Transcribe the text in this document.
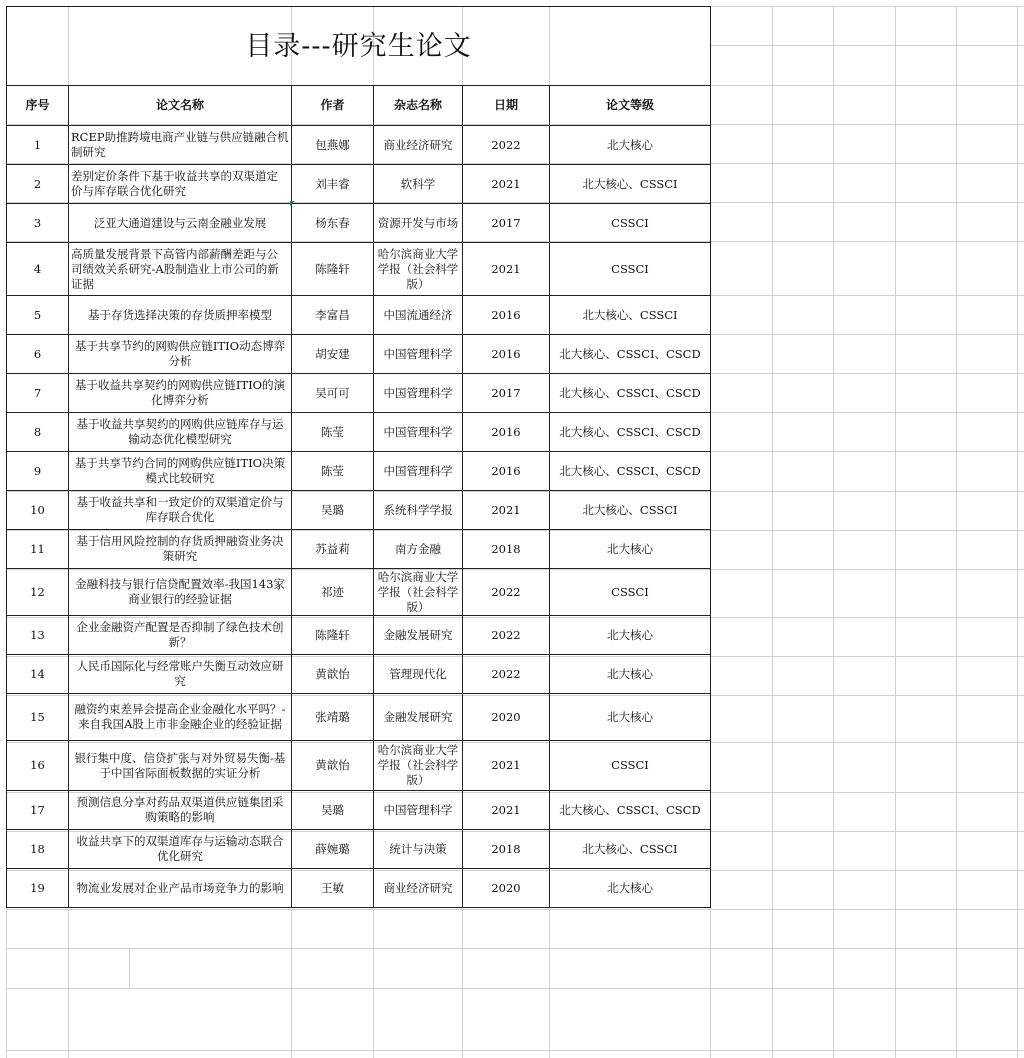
目录---研究生论文					
序号	论文名称	作者	杂志名称	日期	论文等级
1	RCEP助推跨境电商产业链与供应链融合机制研究	包燕娜	商业经济研究	2022	北大核心
2	差别定价条件下基于收益共享的双渠道定价与库存联合优化研究	刘丰睿	软科学	2021	北大核心、CSSCI
3	泛亚大通道建设与云南金融业发展	杨东春	资源开发与市场	2017	CSSCI
4	高质量发展背景下高管内部薪酬差距与公司绩效关系研究-A股制造业上市公司的新证据	陈隆轩	哈尔滨商业大学学报（社会科学版）	2021	CSSCI
5	基于存货选择决策的存货质押率模型	李富昌	中国流通经济	2016	北大核心、CSSCI
6	基于共享节约的网购供应链ITIO动态博弈分析	胡安建	中国管理科学	2016	北大核心、CSSCI、CSCD
7	基于收益共享契约的网购供应链ITIO的演化博弈分析	吴可可	中国管理科学	2017	北大核心、CSSCI、CSCD
8	基于收益共享契约的网购供应链库存与运输动态优化模型研究	陈莹	中国管理科学	2016	北大核心、CSSCI、CSCD
9	基于共享节约合同的网购供应链ITIO决策模式比较研究	陈莹	中国管理科学	2016	北大核心、CSSCI、CSCD
10	基于收益共享和一致定价的双渠道定价与库存联合优化	吴璐	系统科学学报	2021	北大核心、CSSCI
11	基于信用风险控制的存货质押融资业务决策研究	苏益莉	南方金融	2018	北大核心
12	金融科技与银行信贷配置效率-我国143家商业银行的经验证据	祁迹	哈尔滨商业大学学报（社会科学版）	2022	CSSCI
13	企业金融资产配置是否抑制了绿色技术创新？	陈隆轩	金融发展研究	2022	北大核心
14	人民币国际化与经常账户失衡互动效应研究	黄歆怡	管理现代化	2022	北大核心
15	融资约束差异会提高企业金融化水平吗？-来自我国A股上市非金融企业的经验证据	张靖璐	金融发展研究	2020	北大核心
16	银行集中度、信贷扩张与对外贸易失衡-基于中国省际面板数据的实证分析	黄歆怡	哈尔滨商业大学学报（社会科学版）	2021	CSSCI
17	预测信息分享对药品双渠道供应链集团采购策略的影响	吴璐	中国管理科学	2021	北大核心、CSSCI、CSCD
18	收益共享下的双渠道库存与运输动态联合优化研究	薛婉璐	统计与决策	2018	北大核心、CSSCI
19	物流业发展对企业产品市场竞争力的影响	王敏	商业经济研究	2020	北大核心
